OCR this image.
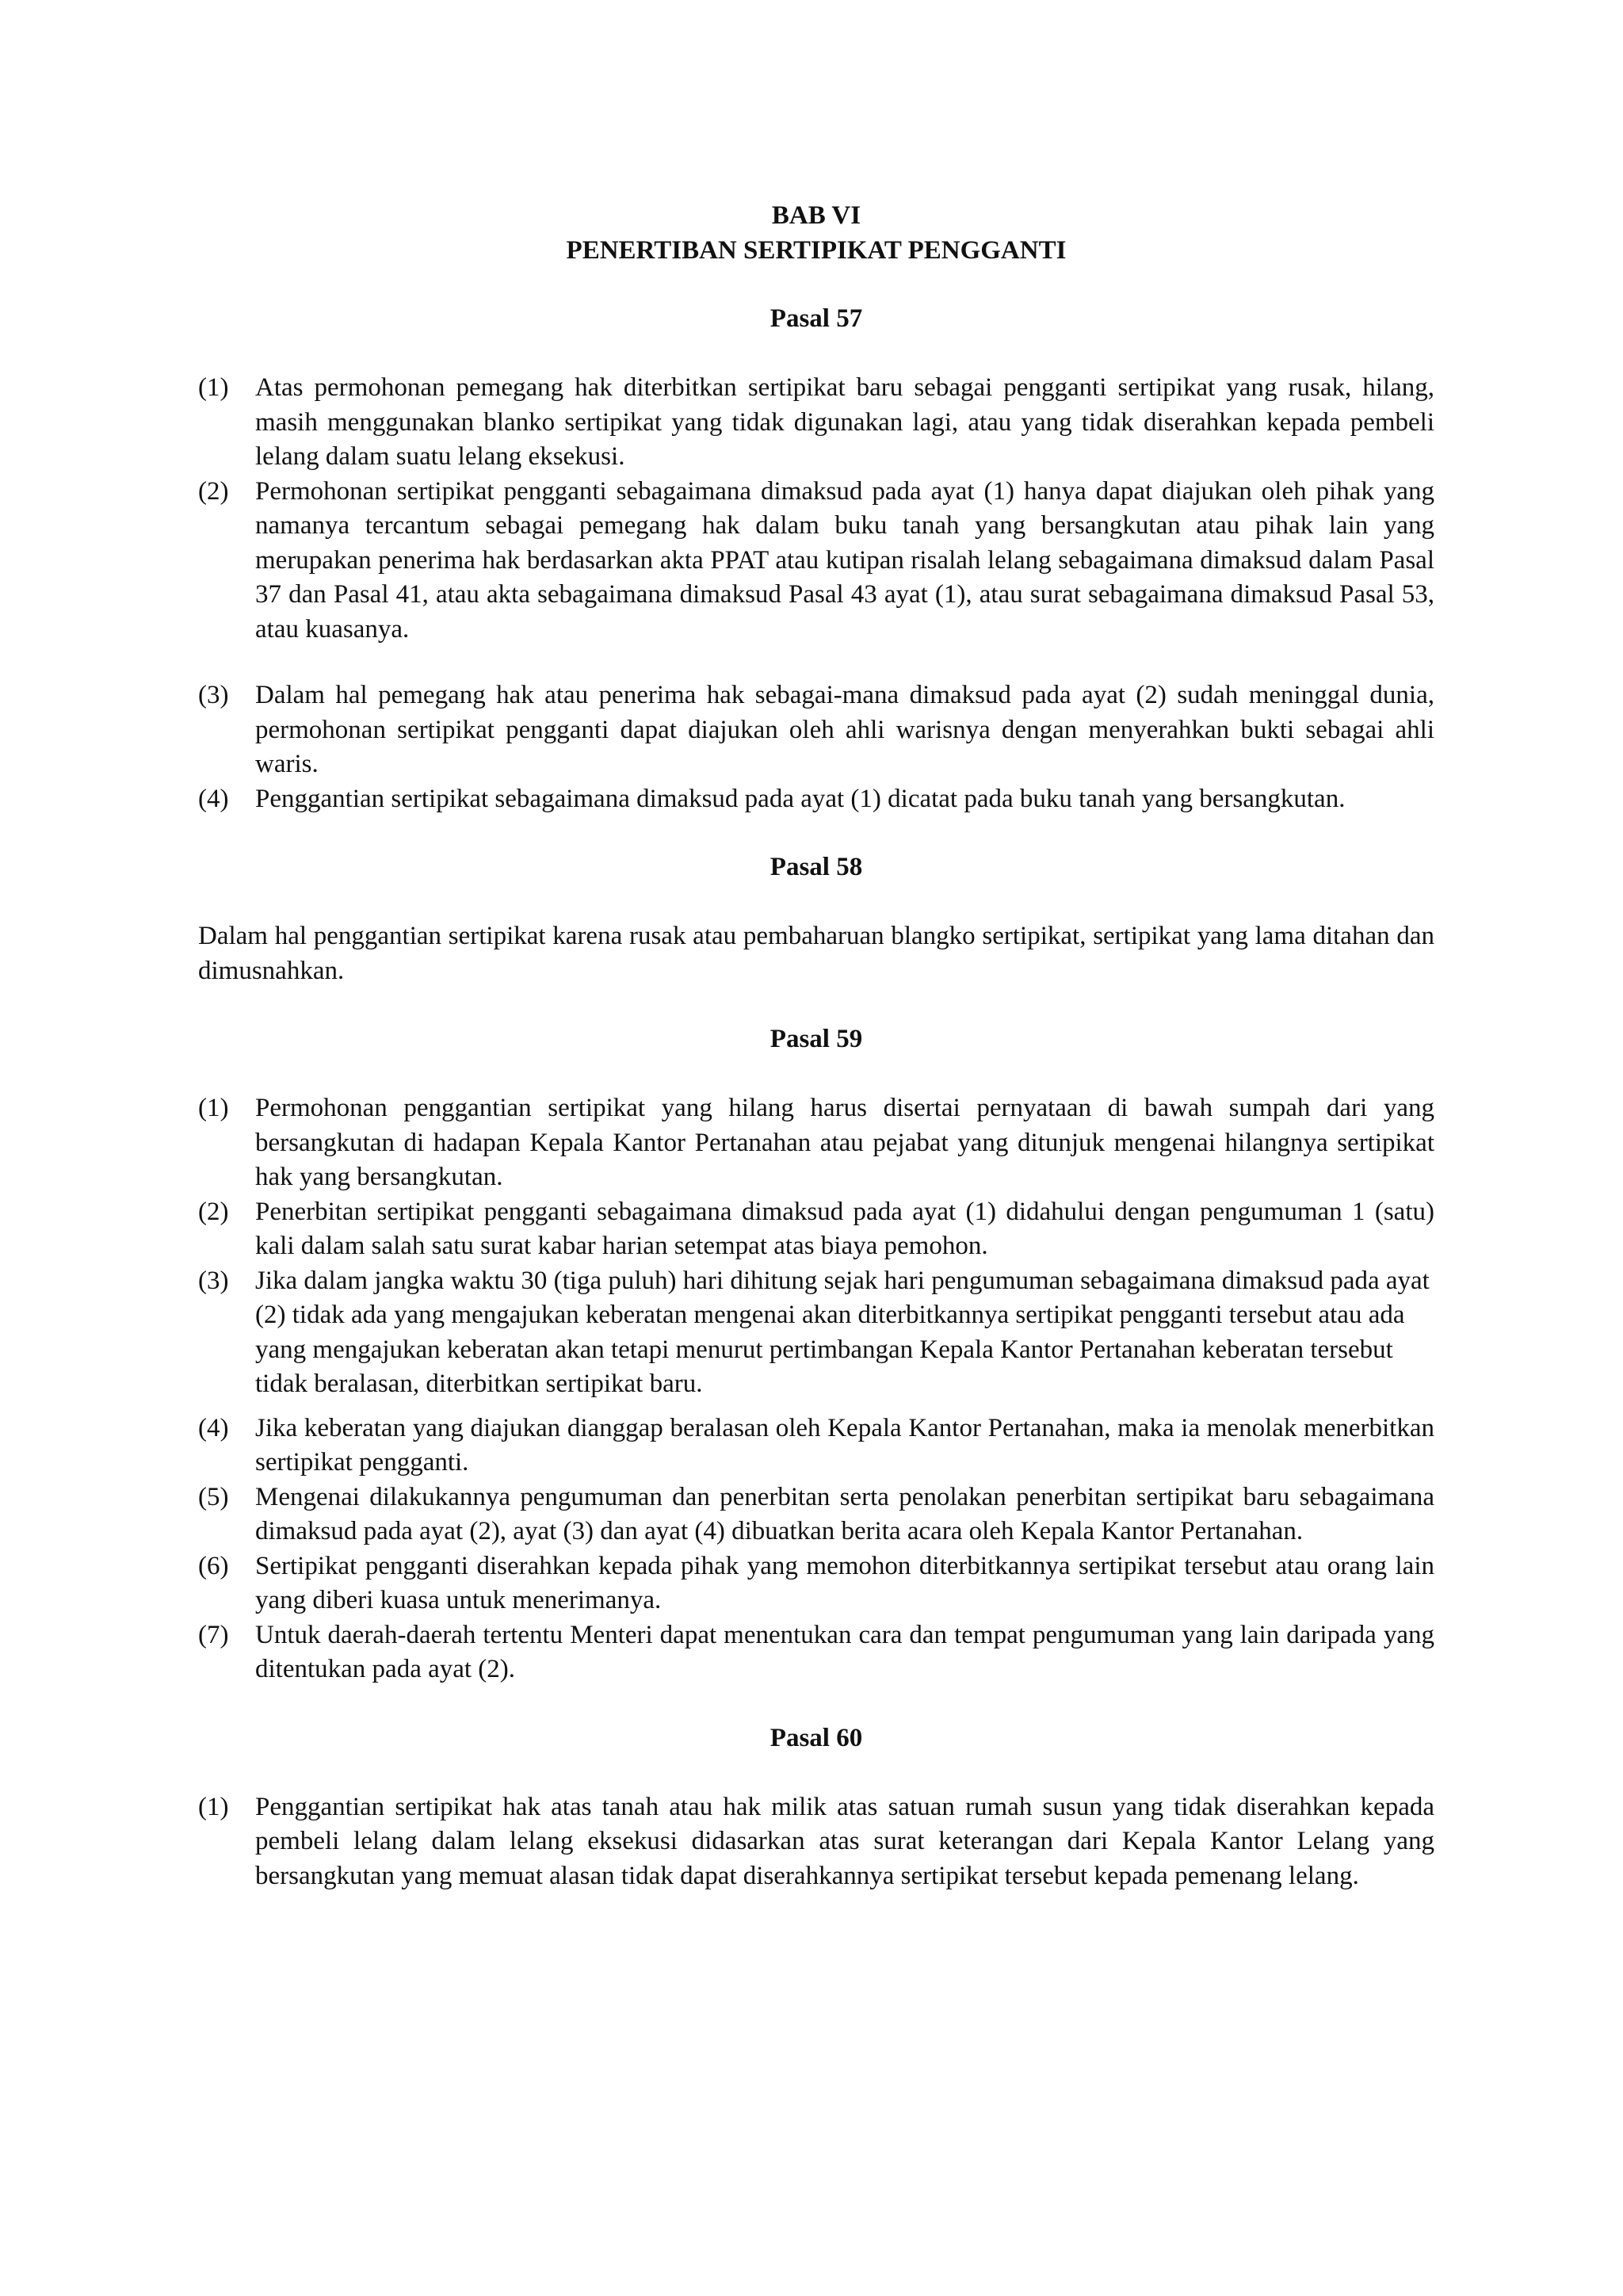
BAB VI
PENERTIBAN SERTIPIKAT PENGGANTI
Pasal 57
(1)	Atas permohonan pemegang hak diterbitkan sertipikat baru sebagai pengganti sertipikat yang rusak, hilang, masih menggunakan blanko sertipikat yang tidak digunakan lagi, atau yang tidak diserahkan kepada pembeli lelang dalam suatu lelang eksekusi.
(2)	Permohonan sertipikat pengganti sebagaimana dimaksud pada ayat (1) hanya dapat diajukan oleh pihak yang namanya tercantum sebagai pemegang hak dalam buku tanah yang bersangkutan atau pihak lain yang merupakan penerima hak berdasarkan akta PPAT atau kutipan risalah lelang sebagaimana dimaksud dalam Pasal 37 dan Pasal 41, atau akta sebagaimana dimaksud Pasal 43 ayat (1), atau surat sebagaimana dimaksud Pasal 53, atau kuasanya.
(3)	Dalam hal pemegang hak atau penerima hak sebagai-mana dimaksud pada ayat (2) sudah meninggal dunia, permohonan sertipikat pengganti dapat diajukan oleh ahli warisnya dengan menyerahkan bukti sebagai ahli waris.
(4)	Penggantian sertipikat sebagaimana dimaksud pada ayat (1) dicatat pada buku tanah yang bersangkutan.
Pasal 58

Dalam hal penggantian sertipikat karena rusak atau pembaharuan blangko sertipikat, sertipikat yang lama ditahan dan dimusnahkan.

Pasal 59
(1)	Permohonan penggantian sertipikat yang hilang harus disertai pernyataan di bawah sumpah dari yang bersangkutan di hadapan Kepala Kantor Pertanahan atau pejabat yang ditunjuk mengenai hilangnya sertipikat hak yang bersangkutan.
(2)	Penerbitan sertipikat pengganti sebagaimana dimaksud pada ayat (1) didahului dengan pengumuman 1 (satu) kali dalam salah satu surat kabar harian setempat atas biaya pemohon.
(3)	Jika dalam jangka waktu 30 (tiga puluh) hari dihitung sejak hari pengumuman sebagaimana dimaksud pada ayat (2) tidak ada yang mengajukan keberatan mengenai akan diterbitkannya sertipikat pengganti tersebut atau ada yang mengajukan keberatan akan tetapi menurut pertimbangan Kepala Kantor Pertanahan keberatan tersebut tidak beralasan, diterbitkan sertipikat baru.
(4)	Jika keberatan yang diajukan dianggap beralasan oleh Kepala Kantor Pertanahan, maka ia menolak menerbitkan sertipikat pengganti.
(5)	Mengenai dilakukannya pengumuman dan penerbitan serta penolakan penerbitan sertipikat baru sebagaimana dimaksud pada ayat (2), ayat (3) dan ayat (4) dibuatkan berita acara oleh Kepala Kantor Pertanahan.
(6)	Sertipikat pengganti diserahkan kepada pihak yang memohon diterbitkannya sertipikat tersebut atau orang lain yang diberi kuasa untuk menerimanya.
(7)	Untuk daerah-daerah tertentu Menteri dapat menentukan cara dan tempat pengumuman yang lain daripada yang ditentukan pada ayat (2).
Pasal 60
(1)	Penggantian sertipikat hak atas tanah atau hak milik atas satuan rumah susun yang tidak diserahkan kepada pembeli lelang dalam lelang eksekusi didasarkan atas surat keterangan dari Kepala Kantor Lelang yang bersangkutan yang memuat alasan tidak dapat diserahkannya sertipikat tersebut kepada pemenang lelang.
